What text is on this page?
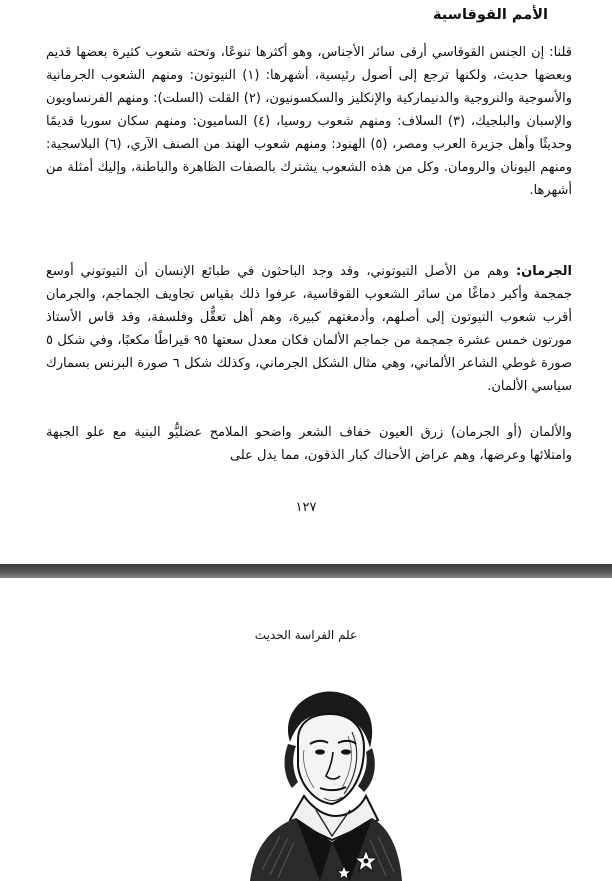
الأمم القوقاسية

قلنا: إن الجنس القوقاسي أرقى سائر الأجناس، وهو أكثرها تنوعًا، وتحته شعوب كثيرة بعضها قديم وبعضها حديث، ولكنها ترجع إلى أصول رئيسية، أشهرها: (١) النيوتون: ومنهم الشعوب الجرمانية والأسوجية والنروجية والدنيماركية والإنكليز والسكسونيون، (٢) القلت (السلت): ومنهم الفرنساويون والإسبان والبلجيك، (٣) السلاف: ومنهم شعوب روسيا، (٤) الساميون: ومنهم سكان سوريا قديمًا وحديثًا وأهل جزيرة العرب ومصر، (٥) الهنود: ومنهم شعوب الهند من الصنف الآري، (٦) البلاسجية: ومنهم اليونان والرومان. وكل من هذه الشعوب يشترك بالصفات الظاهرة والباطنة، وإليك أمثلة من أشهرها.

الجرمان: وهم من الأصل التيوتوني، وقد وجد الباحثون في طبائع الإنسان أن التيوتوني أوسع جمجمة وأكبر دماغًا من سائر الشعوب القوقاسية، عرفوا ذلك بقياس تجاويف الجماجم، والجرمان أقرب شعوب التيوتون إلى أصلهم، وأدمغتهم كبيرة، وهم أهل تعقُّل وفلسفة، وقد قاس الأستاذ مورتون خمس عشرة جمجمة من جماجم الألمان فكان معدل سعتها ٩٥ قيراطًا مكعبًا، وفي شكل ٥ صورة غوطي الشاعر الألماني، وهي مثال الشكل الجرماني، وكذلك شكل ٦ صورة البرنس بسمارك سياسي الألمان.

والألمان (أو الجرمان) زرق العيون خفاف الشعر واضحو الملامح عضليُّو البنية مع علو الجبهة وامتلائها وعرضها، وهم عراض الأحناك كبار الذقون، مما يدل على

١٢٧
علم الفراسة الحديث
